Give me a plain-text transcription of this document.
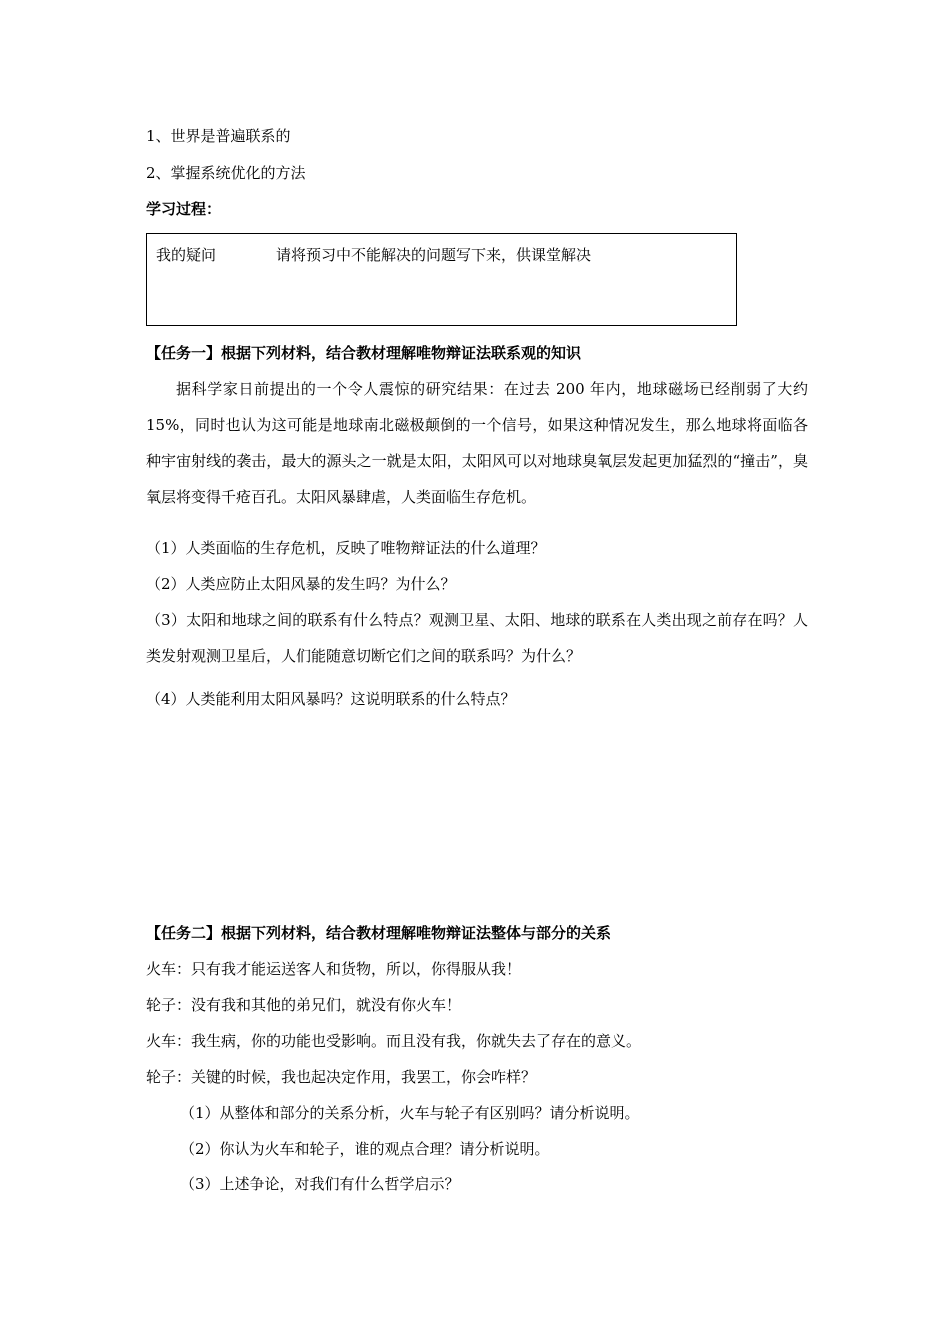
1、世界是普遍联系的
2、掌握系统优化的方法
学习过程：
我的疑问	请将预习中不能解决的问题写下来，供课堂解决
【任务一】根据下列材料，结合教材理解唯物辩证法联系观的知识
据科学家日前提出的一个令人震惊的研究结果：在过去 200 年内，地球磁场已经削弱了大约 15%，同时也认为这可能是地球南北磁极颠倒的一个信号，如果这种情况发生，那么地球将面临各种宇宙射线的袭击，最大的源头之一就是太阳，太阳风可以对地球臭氧层发起更加猛烈的“撞击”，臭氧层将变得千疮百孔。太阳风暴肆虐，人类面临生存危机。
（1）人类面临的生存危机，反映了唯物辩证法的什么道理？
（2）人类应防止太阳风暴的发生吗？为什么？
（3）太阳和地球之间的联系有什么特点？观测卫星、太阳、地球的联系在人类出现之前存在吗？人类发射观测卫星后，人们能随意切断它们之间的联系吗？为什么？
（4）人类能利用太阳风暴吗？这说明联系的什么特点？
【任务二】根据下列材料，结合教材理解唯物辩证法整体与部分的关系
火车：只有我才能运送客人和货物，所以，你得服从我！
轮子：没有我和其他的弟兄们，就没有你火车！
火车：我生病，你的功能也受影响。而且没有我，你就失去了存在的意义。
轮子：关键的时候，我也起决定作用，我罢工，你会咋样？
（1）从整体和部分的关系分析，火车与轮子有区别吗？请分析说明。
（2）你认为火车和轮子，谁的观点合理？请分析说明。
（3）上述争论，对我们有什么哲学启示？
